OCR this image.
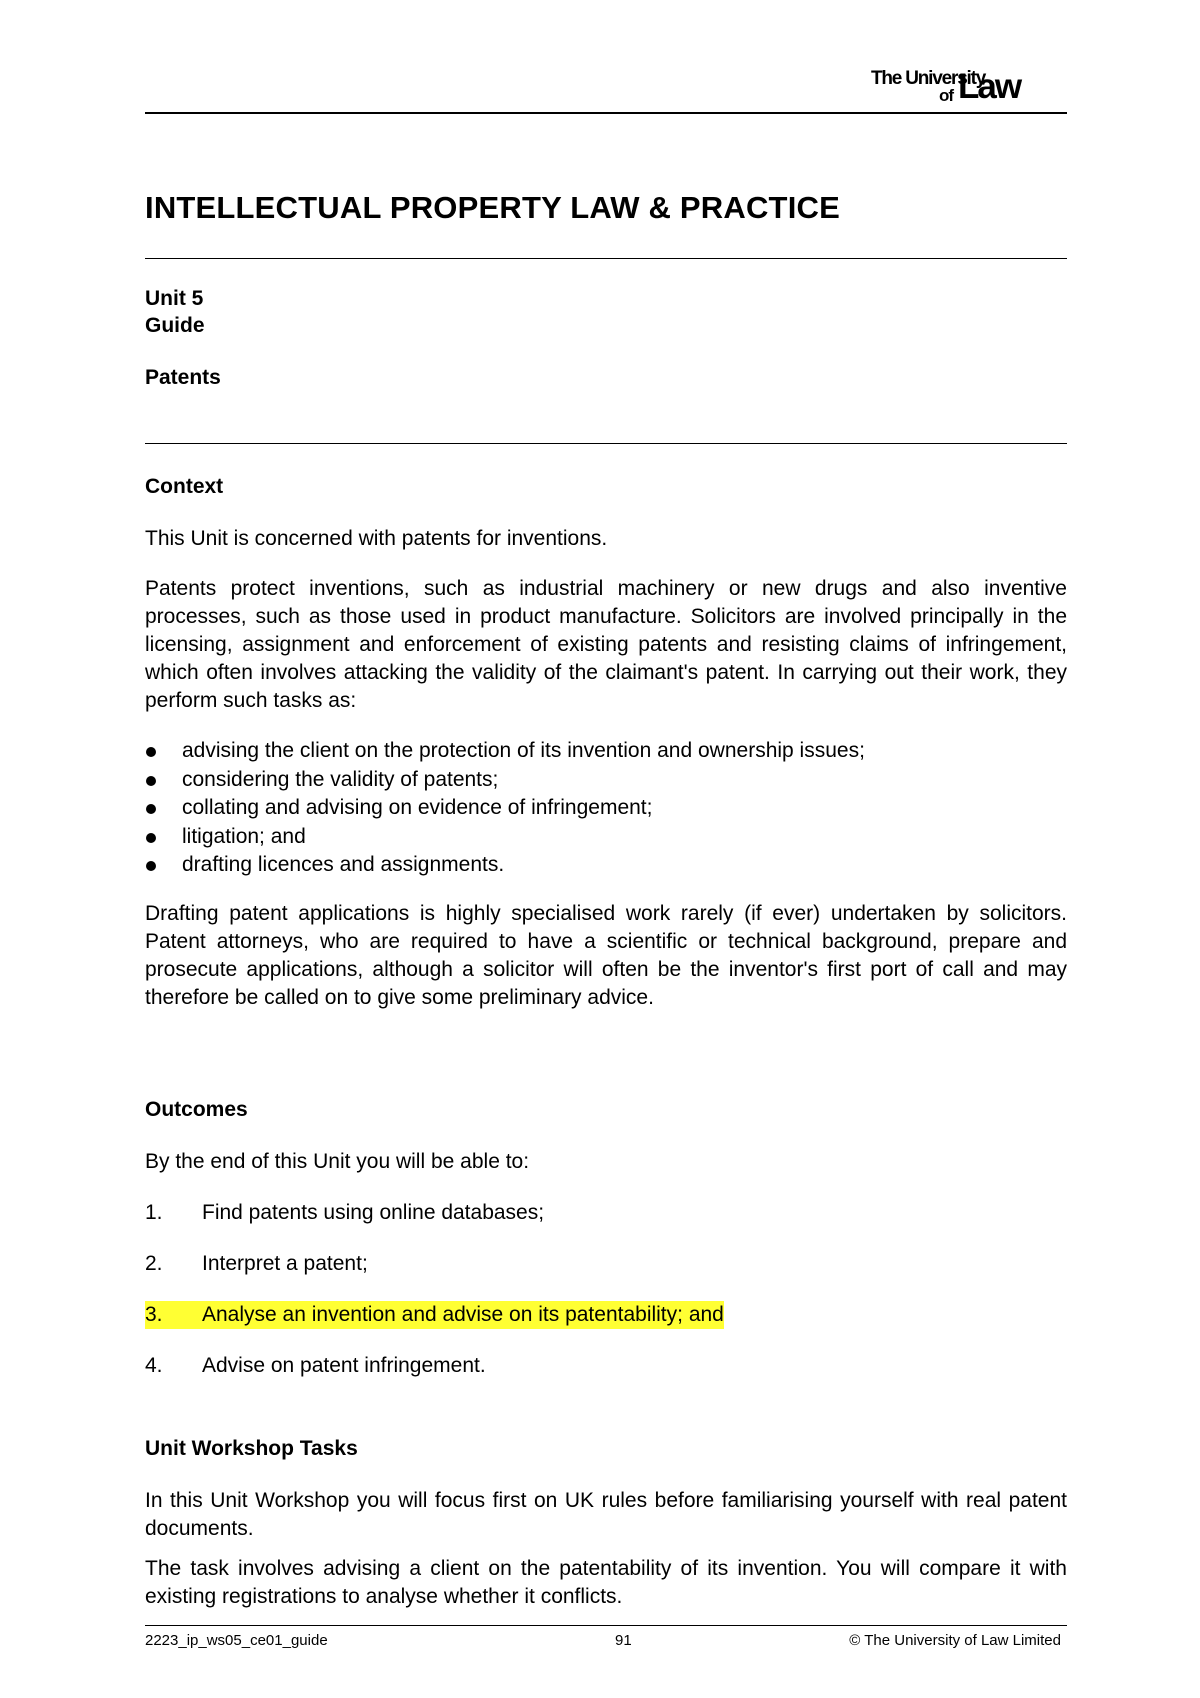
The University
of Law
INTELLECTUAL PROPERTY LAW & PRACTICE
Unit 5
Guide
Patents
Context

This Unit is concerned with patents for inventions.

Patents protect inventions, such as industrial machinery or new drugs and also inventive processes, such as those used in product manufacture. Solicitors are involved principally in the licensing, assignment and enforcement of existing patents and resisting claims of infringement, which often involves attacking the validity of the claimant's patent. In carrying out their work, they perform such tasks as:

advising the client on the protection of its invention and ownership issues;
considering the validity of patents;
collating and advising on evidence of infringement;
litigation; and
drafting licences and assignments.

Drafting patent applications is highly specialised work rarely (if ever) undertaken by solicitors. Patent attorneys, who are required to have a scientific or technical background, prepare and prosecute applications, although a solicitor will often be the inventor's first port of call and may therefore be called on to give some preliminary advice.

Outcomes

By the end of this Unit you will be able to:

1. Find patents using online databases;
2. Interpret a patent;
3. Analyse an invention and advise on its patentability; and
4. Advise on patent infringement.
Unit Workshop Tasks

In this Unit Workshop you will focus first on UK rules before familiarising yourself with real patent documents.

The task involves advising a client on the patentability of its invention. You will compare it with existing registrations to analyse whether it conflicts.

2223_ip_ws05_ce01_guide	91	© The University of Law Limited
